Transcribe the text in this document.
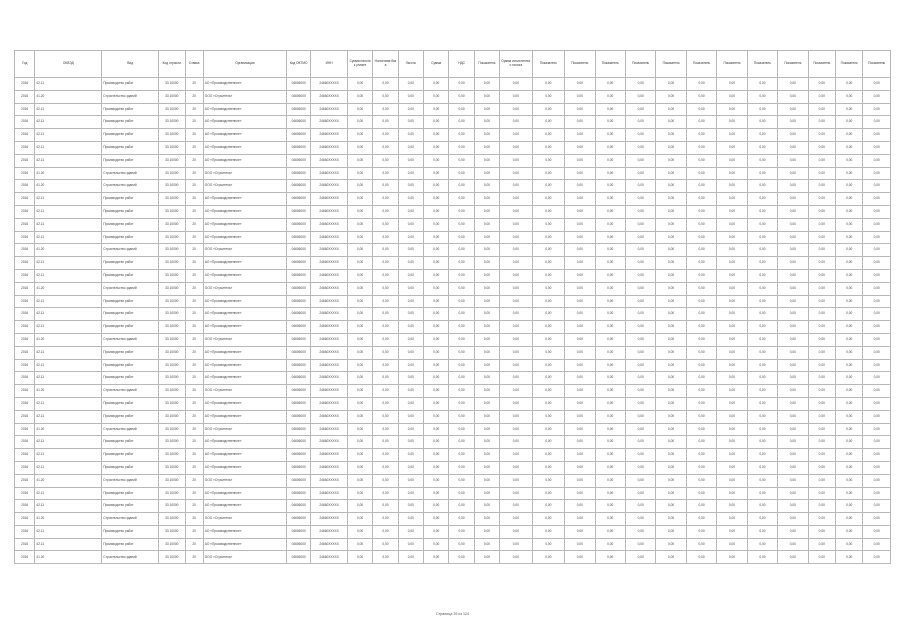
Год	ОКВЭД	Вид	Код отрасли	Ставка	Организация	Код ОКТМО	ИНН	Сумма налога к уплате	Налоговая база	Льготы	Сумма	НДС	Показатель	Сумма исчисленного налога	Показатель	Показатель	Показатель	Показатель	Показатель	Показатель	Показатель	Показатель	Показатель	Показатель	Показатель	Показатель
2016	42.11	Производство работ	33 10000	20	АО «Производственное»	04606000	24660XXXXX	0,00	0,00	0,00	0,00	0,00	0,00	0,00	0,00	0,00	0,00	0,00	0,00	0,00	0,00	0,00	0,00	0,00	0,00	0,00
2016	41.20	Строительство зданий	33 10000	20	ООО «Строитель»	04606000	24660XXXXX	0,00	0,00	0,00	0,00	0,00	0,00	0,00	0,00	0,00	0,00	0,00	0,00	0,00	0,00	0,00	0,00	0,00	0,00	0,00
2016	42.11	Производство работ	33 10000	20	АО «Производственное»	04606000	24660XXXXX	0,00	0,00	0,00	0,00	0,00	0,00	0,00	0,00	0,00	0,00	0,00	0,00	0,00	0,00	0,00	0,00	0,00	0,00	0,00
2016	42.11	Производство работ	33 10000	20	АО «Производственное»	04606000	24660XXXXX	0,00	0,00	0,00	0,00	0,00	0,00	0,00	0,00	0,00	0,00	0,00	0,00	0,00	0,00	0,00	0,00	0,00	0,00	0,00
2016	42.11	Производство работ	33 10000	20	АО «Производственное»	04606000	24660XXXXX	0,00	0,00	0,00	0,00	0,00	0,00	0,00	0,00	0,00	0,00	0,00	0,00	0,00	0,00	0,00	0,00	0,00	0,00	0,00
2016	42.11	Производство работ	33 10000	20	АО «Производственное»	04606000	24660XXXXX	0,00	0,00	0,00	0,00	0,00	0,00	0,00	0,00	0,00	0,00	0,00	0,00	0,00	0,00	0,00	0,00	0,00	0,00	0,00
2016	42.11	Производство работ	33 10000	20	АО «Производственное»	04606000	24660XXXXX	0,00	0,00	0,00	0,00	0,00	0,00	0,00	0,00	0,00	0,00	0,00	0,00	0,00	0,00	0,00	0,00	0,00	0,00	0,00
2016	41.20	Строительство зданий	33 10000	20	ООО «Строитель»	04606000	24660XXXXX	0,00	0,00	0,00	0,00	0,00	0,00	0,00	0,00	0,00	0,00	0,00	0,00	0,00	0,00	0,00	0,00	0,00	0,00	0,00
2016	41.20	Строительство зданий	33 10000	20	ООО «Строитель»	04606000	24660XXXXX	0,00	0,00	0,00	0,00	0,00	0,00	0,00	0,00	0,00	0,00	0,00	0,00	0,00	0,00	0,00	0,00	0,00	0,00	0,00
2016	42.11	Производство работ	33 10000	20	АО «Производственное»	04606000	24660XXXXX	0,00	0,00	0,00	0,00	0,00	0,00	0,00	0,00	0,00	0,00	0,00	0,00	0,00	0,00	0,00	0,00	0,00	0,00	0,00
2016	42.11	Производство работ	33 10000	20	АО «Производственное»	04606000	24660XXXXX	0,00	0,00	0,00	0,00	0,00	0,00	0,00	0,00	0,00	0,00	0,00	0,00	0,00	0,00	0,00	0,00	0,00	0,00	0,00
2016	42.11	Производство работ	33 10000	20	АО «Производственное»	04606000	24660XXXXX	0,00	0,00	0,00	0,00	0,00	0,00	0,00	0,00	0,00	0,00	0,00	0,00	0,00	0,00	0,00	0,00	0,00	0,00	0,00
2016	42.11	Производство работ	33 10000	20	АО «Производственное»	04606000	24660XXXXX	0,00	0,00	0,00	0,00	0,00	0,00	0,00	0,00	0,00	0,00	0,00	0,00	0,00	0,00	0,00	0,00	0,00	0,00	0,00
2016	41.20	Строительство зданий	33 10000	20	ООО «Строитель»	04606000	24660XXXXX	0,00	0,00	0,00	0,00	0,00	0,00	0,00	0,00	0,00	0,00	0,00	0,00	0,00	0,00	0,00	0,00	0,00	0,00	0,00
2016	42.11	Производство работ	33 10000	20	АО «Производственное»	04606000	24660XXXXX	0,00	0,00	0,00	0,00	0,00	0,00	0,00	0,00	0,00	0,00	0,00	0,00	0,00	0,00	0,00	0,00	0,00	0,00	0,00
2016	42.11	Производство работ	33 10000	20	АО «Производственное»	04606000	24660XXXXX	0,00	0,00	0,00	0,00	0,00	0,00	0,00	0,00	0,00	0,00	0,00	0,00	0,00	0,00	0,00	0,00	0,00	0,00	0,00
2016	41.20	Строительство зданий	33 10000	20	ООО «Строитель»	04606000	24660XXXXX	0,00	0,00	0,00	0,00	0,00	0,00	0,00	0,00	0,00	0,00	0,00	0,00	0,00	0,00	0,00	0,00	0,00	0,00	0,00
2016	42.11	Производство работ	33 10000	20	АО «Производственное»	04606000	24660XXXXX	0,00	0,00	0,00	0,00	0,00	0,00	0,00	0,00	0,00	0,00	0,00	0,00	0,00	0,00	0,00	0,00	0,00	0,00	0,00
2016	42.11	Производство работ	33 10000	20	АО «Производственное»	04606000	24660XXXXX	0,00	0,00	0,00	0,00	0,00	0,00	0,00	0,00	0,00	0,00	0,00	0,00	0,00	0,00	0,00	0,00	0,00	0,00	0,00
2016	42.11	Производство работ	33 10000	20	АО «Производственное»	04606000	24660XXXXX	0,00	0,00	0,00	0,00	0,00	0,00	0,00	0,00	0,00	0,00	0,00	0,00	0,00	0,00	0,00	0,00	0,00	0,00	0,00
2016	41.20	Строительство зданий	33 10000	20	ООО «Строитель»	04606000	24660XXXXX	0,00	0,00	0,00	0,00	0,00	0,00	0,00	0,00	0,00	0,00	0,00	0,00	0,00	0,00	0,00	0,00	0,00	0,00	0,00
2016	42.11	Производство работ	33 10000	20	АО «Производственное»	04606000	24660XXXXX	0,00	0,00	0,00	0,00	0,00	0,00	0,00	0,00	0,00	0,00	0,00	0,00	0,00	0,00	0,00	0,00	0,00	0,00	0,00
2016	42.11	Производство работ	33 10000	20	АО «Производственное»	04606000	24660XXXXX	0,00	0,00	0,00	0,00	0,00	0,00	0,00	0,00	0,00	0,00	0,00	0,00	0,00	0,00	0,00	0,00	0,00	0,00	0,00
2016	42.11	Производство работ	33 10000	20	АО «Производственное»	04606000	24660XXXXX	0,00	0,00	0,00	0,00	0,00	0,00	0,00	0,00	0,00	0,00	0,00	0,00	0,00	0,00	0,00	0,00	0,00	0,00	0,00
2016	41.20	Строительство зданий	33 10000	20	ООО «Строитель»	04606000	24660XXXXX	0,00	0,00	0,00	0,00	0,00	0,00	0,00	0,00	0,00	0,00	0,00	0,00	0,00	0,00	0,00	0,00	0,00	0,00	0,00
2016	42.11	Производство работ	33 10000	20	АО «Производственное»	04606000	24660XXXXX	0,00	0,00	0,00	0,00	0,00	0,00	0,00	0,00	0,00	0,00	0,00	0,00	0,00	0,00	0,00	0,00	0,00	0,00	0,00
2016	42.11	Производство работ	33 10000	20	АО «Производственное»	04606000	24660XXXXX	0,00	0,00	0,00	0,00	0,00	0,00	0,00	0,00	0,00	0,00	0,00	0,00	0,00	0,00	0,00	0,00	0,00	0,00	0,00
2016	41.20	Строительство зданий	33 10000	20	ООО «Строитель»	04606000	24660XXXXX	0,00	0,00	0,00	0,00	0,00	0,00	0,00	0,00	0,00	0,00	0,00	0,00	0,00	0,00	0,00	0,00	0,00	0,00	0,00
2016	42.11	Производство работ	33 10000	20	АО «Производственное»	04606000	24660XXXXX	0,00	0,00	0,00	0,00	0,00	0,00	0,00	0,00	0,00	0,00	0,00	0,00	0,00	0,00	0,00	0,00	0,00	0,00	0,00
2016	42.11	Производство работ	33 10000	20	АО «Производственное»	04606000	24660XXXXX	0,00	0,00	0,00	0,00	0,00	0,00	0,00	0,00	0,00	0,00	0,00	0,00	0,00	0,00	0,00	0,00	0,00	0,00	0,00
2016	42.11	Производство работ	33 10000	20	АО «Производственное»	04606000	24660XXXXX	0,00	0,00	0,00	0,00	0,00	0,00	0,00	0,00	0,00	0,00	0,00	0,00	0,00	0,00	0,00	0,00	0,00	0,00	0,00
2016	41.20	Строительство зданий	33 10000	20	ООО «Строитель»	04606000	24660XXXXX	0,00	0,00	0,00	0,00	0,00	0,00	0,00	0,00	0,00	0,00	0,00	0,00	0,00	0,00	0,00	0,00	0,00	0,00	0,00
2016	42.11	Производство работ	33 10000	20	АО «Производственное»	04606000	24660XXXXX	0,00	0,00	0,00	0,00	0,00	0,00	0,00	0,00	0,00	0,00	0,00	0,00	0,00	0,00	0,00	0,00	0,00	0,00	0,00
2016	42.11	Производство работ	33 10000	20	АО «Производственное»	04606000	24660XXXXX	0,00	0,00	0,00	0,00	0,00	0,00	0,00	0,00	0,00	0,00	0,00	0,00	0,00	0,00	0,00	0,00	0,00	0,00	0,00
2016	41.20	Строительство зданий	33 10000	20	ООО «Строитель»	04606000	24660XXXXX	0,00	0,00	0,00	0,00	0,00	0,00	0,00	0,00	0,00	0,00	0,00	0,00	0,00	0,00	0,00	0,00	0,00	0,00	0,00
2016	42.11	Производство работ	33 10000	20	АО «Производственное»	04606000	24660XXXXX	0,00	0,00	0,00	0,00	0,00	0,00	0,00	0,00	0,00	0,00	0,00	0,00	0,00	0,00	0,00	0,00	0,00	0,00	0,00
2016	42.11	Производство работ	33 10000	20	АО «Производственное»	04606000	24660XXXXX	0,00	0,00	0,00	0,00	0,00	0,00	0,00	0,00	0,00	0,00	0,00	0,00	0,00	0,00	0,00	0,00	0,00	0,00	0,00
2016	41.20	Строительство зданий	33 10000	20	ООО «Строитель»	04606000	24660XXXXX	0,00	0,00	0,00	0,00	0,00	0,00	0,00	0,00	0,00	0,00	0,00	0,00	0,00	0,00	0,00	0,00	0,00	0,00	0,00
Страница 39 из 124
